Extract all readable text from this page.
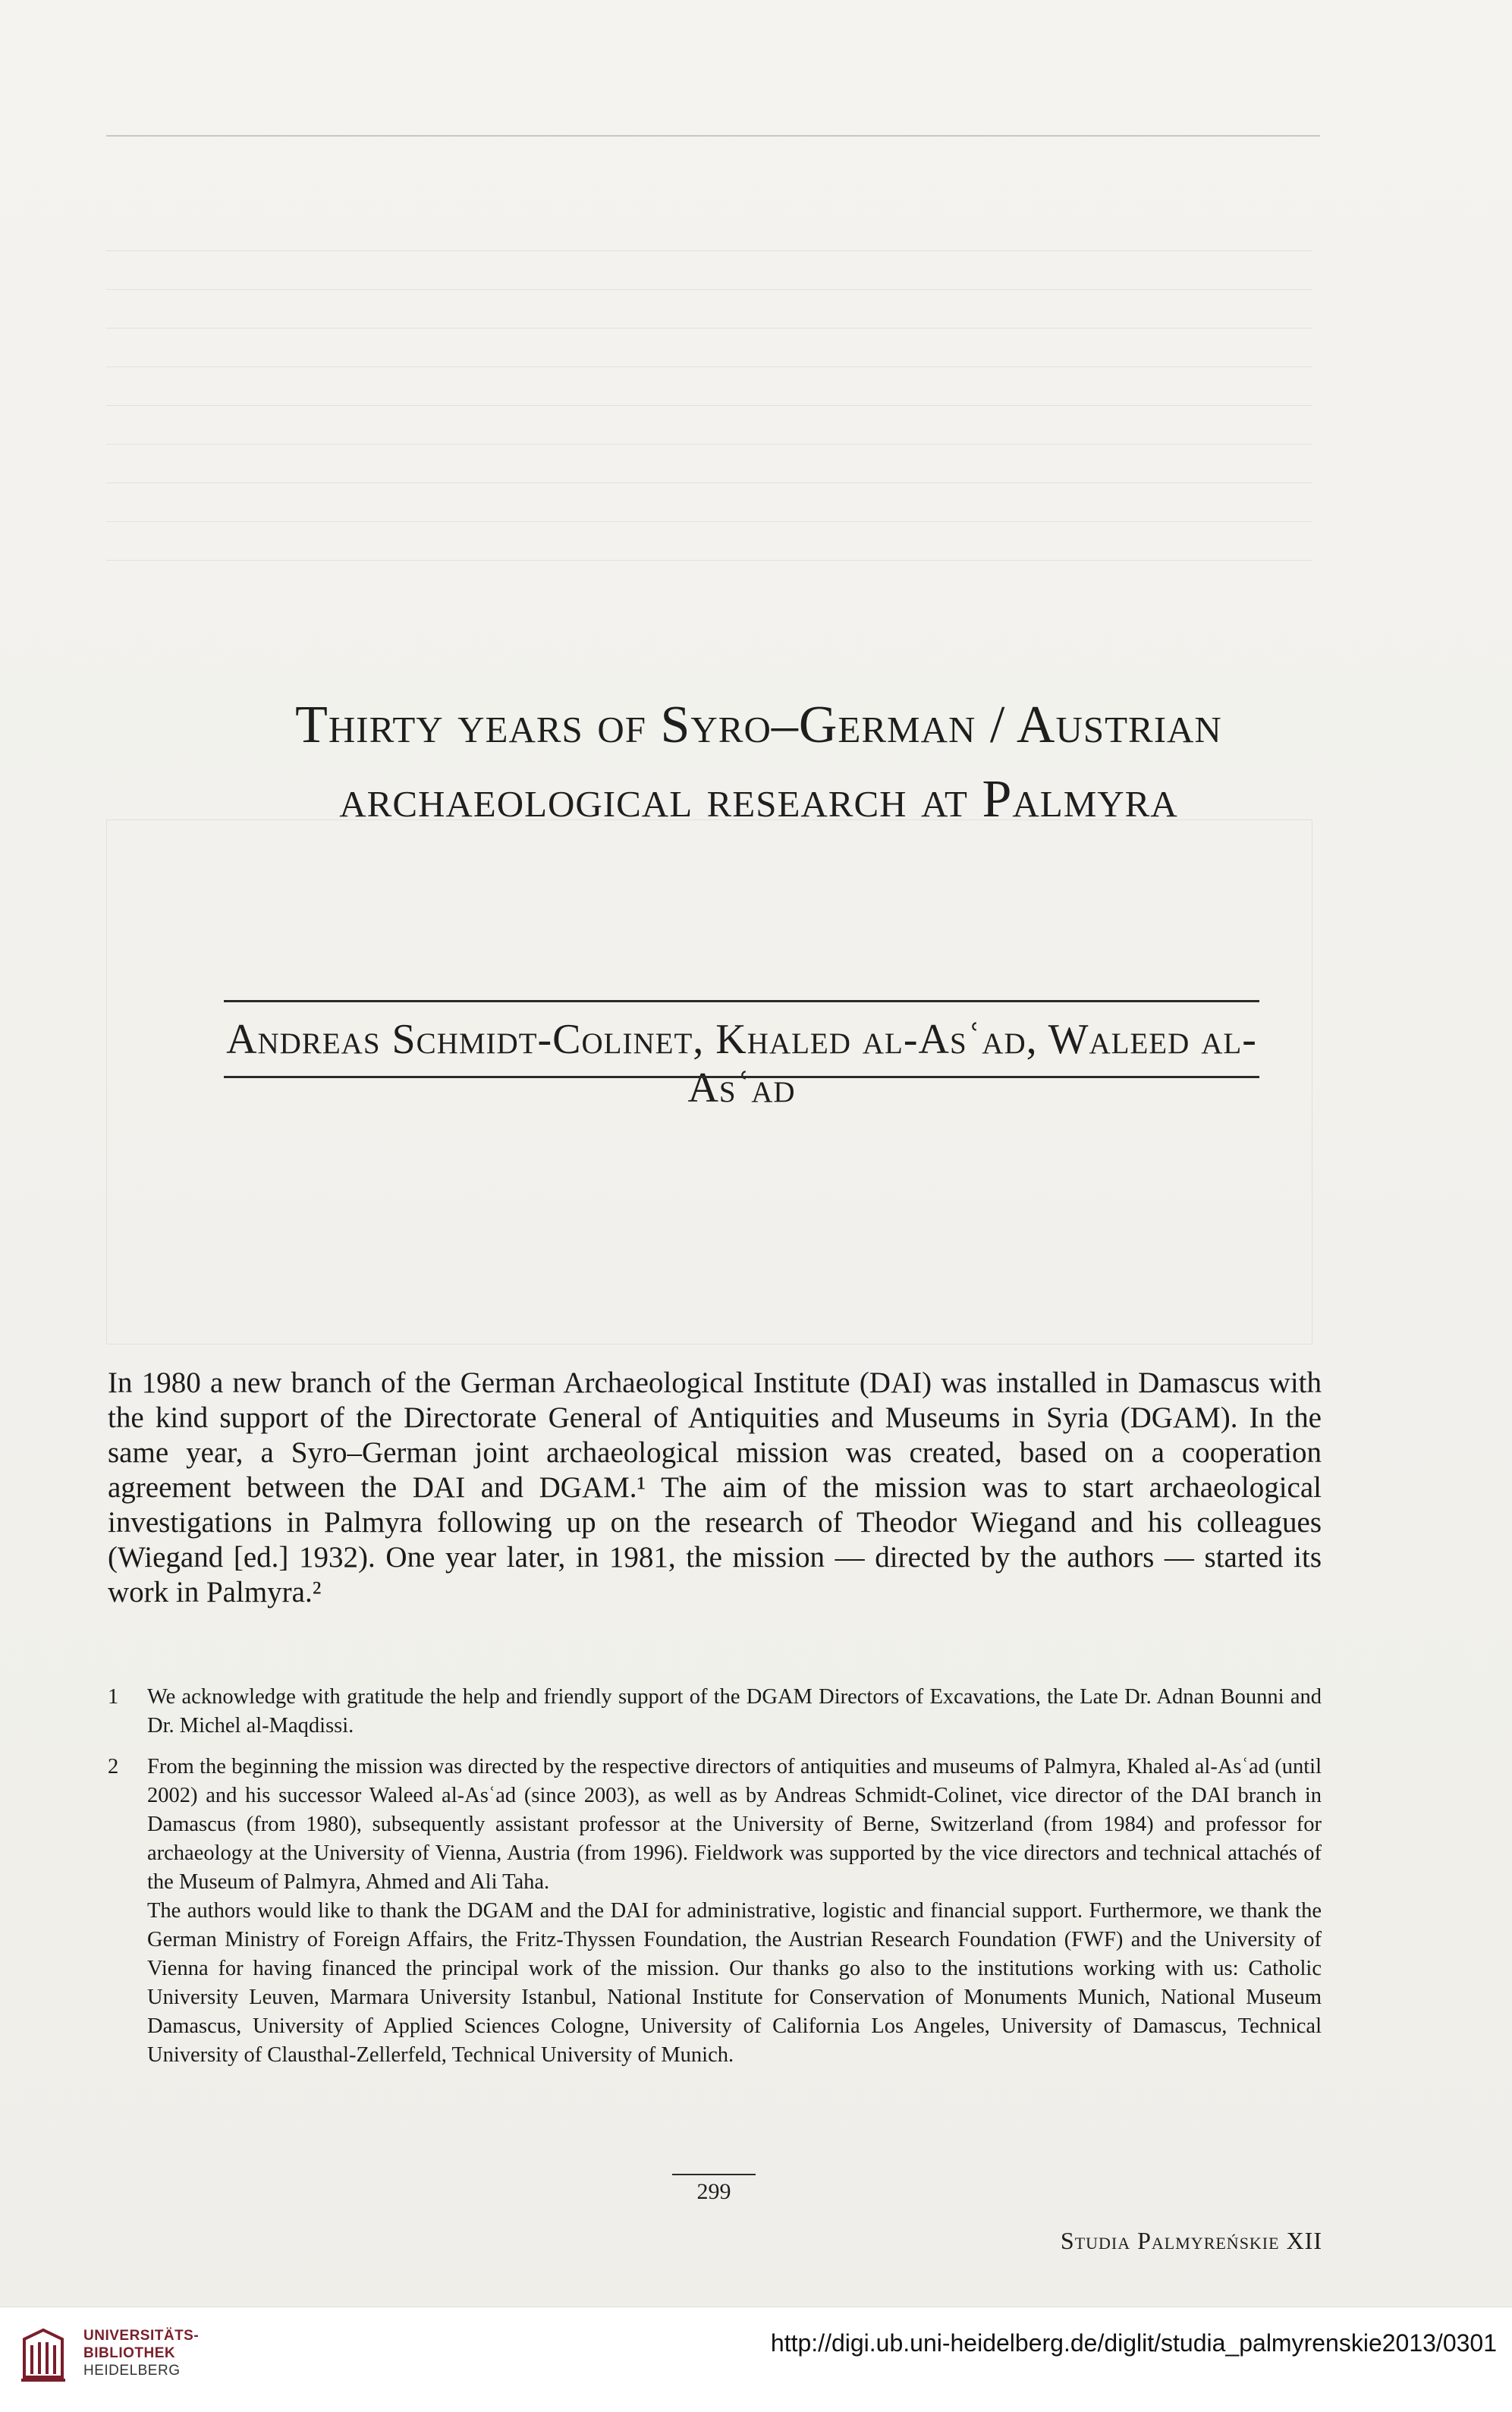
Thirty years of Syro–German / Austrian
archaeological research at Palmyra
Andreas Schmidt-Colinet, Khaled al-Asʿad, Waleed al-Asʿad
In 1980 a new branch of the German Archaeological Institute (DAI) was installed in Damascus with the kind support of the Directorate General of Antiquities and Museums in Syria (DGAM). In the same year, a Syro–German joint archaeological mission was created, based on a cooperation agreement between the DAI and DGAM.¹ The aim of the mission was to start archaeological investigations in Palmyra following up on the research of Theodor Wiegand and his colleagues (Wiegand [ed.] 1932). One year later, in 1981, the mission — directed by the authors — started its work in Palmyra.²
1 We acknowledge with gratitude the help and friendly support of the DGAM Directors of Excavations, the Late Dr. Adnan Bounni and Dr. Michel al-Maqdissi.
2 From the beginning the mission was directed by the respective directors of antiquities and museums of Palmyra, Khaled al-Asʿad (until 2002) and his successor Waleed al-Asʿad (since 2003), as well as by Andreas Schmidt-Colinet, vice director of the DAI branch in Damascus (from 1980), subsequently assistant professor at the University of Berne, Switzerland (from 1984) and professor for archaeology at the University of Vienna, Austria (from 1996). Fieldwork was supported by the vice directors and technical attachés of the Museum of Palmyra, Ahmed and Ali Taha.
The authors would like to thank the DGAM and the DAI for administrative, logistic and financial support. Furthermore, we thank the German Ministry of Foreign Affairs, the Fritz-Thyssen Foundation, the Austrian Research Foundation (FWF) and the University of Vienna for having financed the principal work of the mission. Our thanks go also to the institutions working with us: Catholic University Leuven, Marmara University Istanbul, National Institute for Conservation of Monuments Munich, National Museum Damascus, University of Applied Sciences Cologne, University of California Los Angeles, University of Damascus, Technical University of Clausthal-Zellerfeld, Technical University of Munich.
299
Studia Palmyreńskie XII
UNIVERSITÄTS-
BIBLIOTHEK
HEIDELBERG
http://digi.ub.uni-heidelberg.de/diglit/studia_palmyrenskie2013/0301
